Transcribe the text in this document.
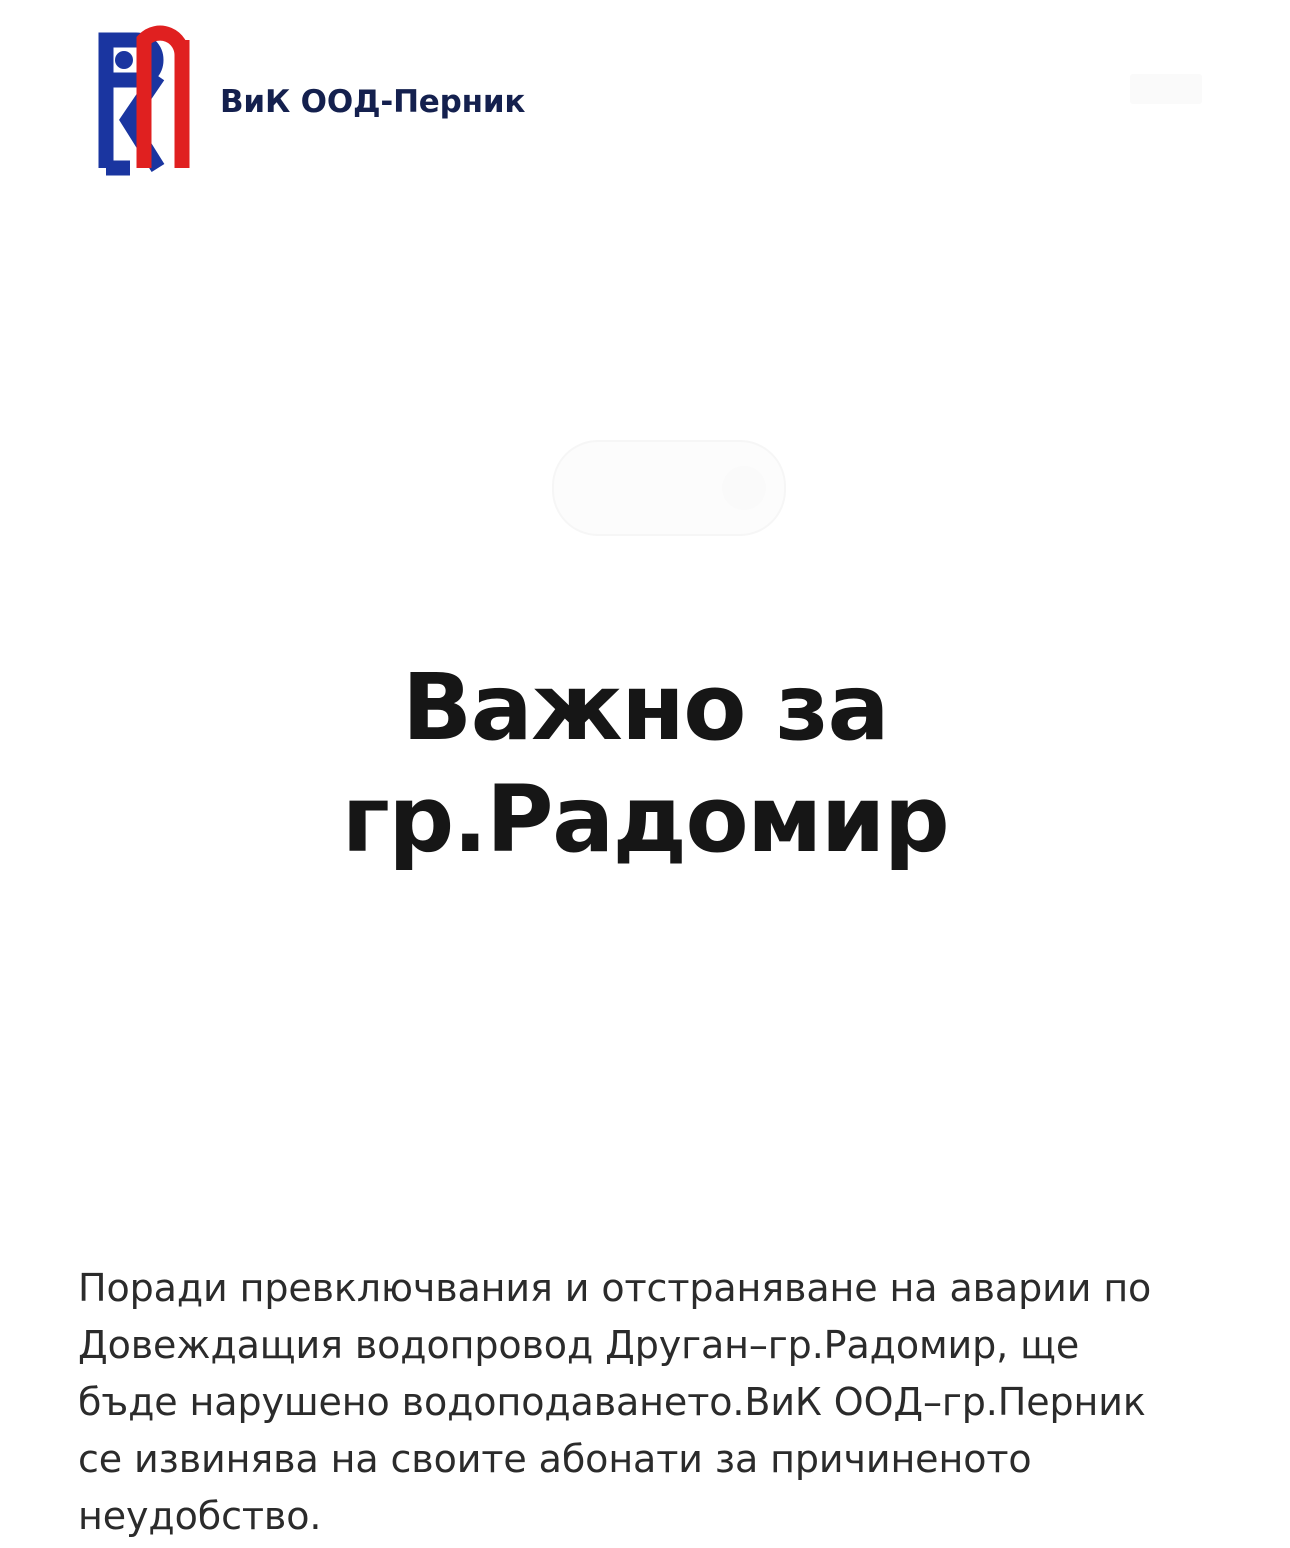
ВиК ООД-Перник
Важно за гр.Радомир

Поради превключвания и отстраняване на аварии по Довеждащия водопровод Друган–гр.Радомир, ще бъде нарушено водоподаването.ВиК ООД–гр.Перник се извинява на своите абонати за причиненото неудобство.
